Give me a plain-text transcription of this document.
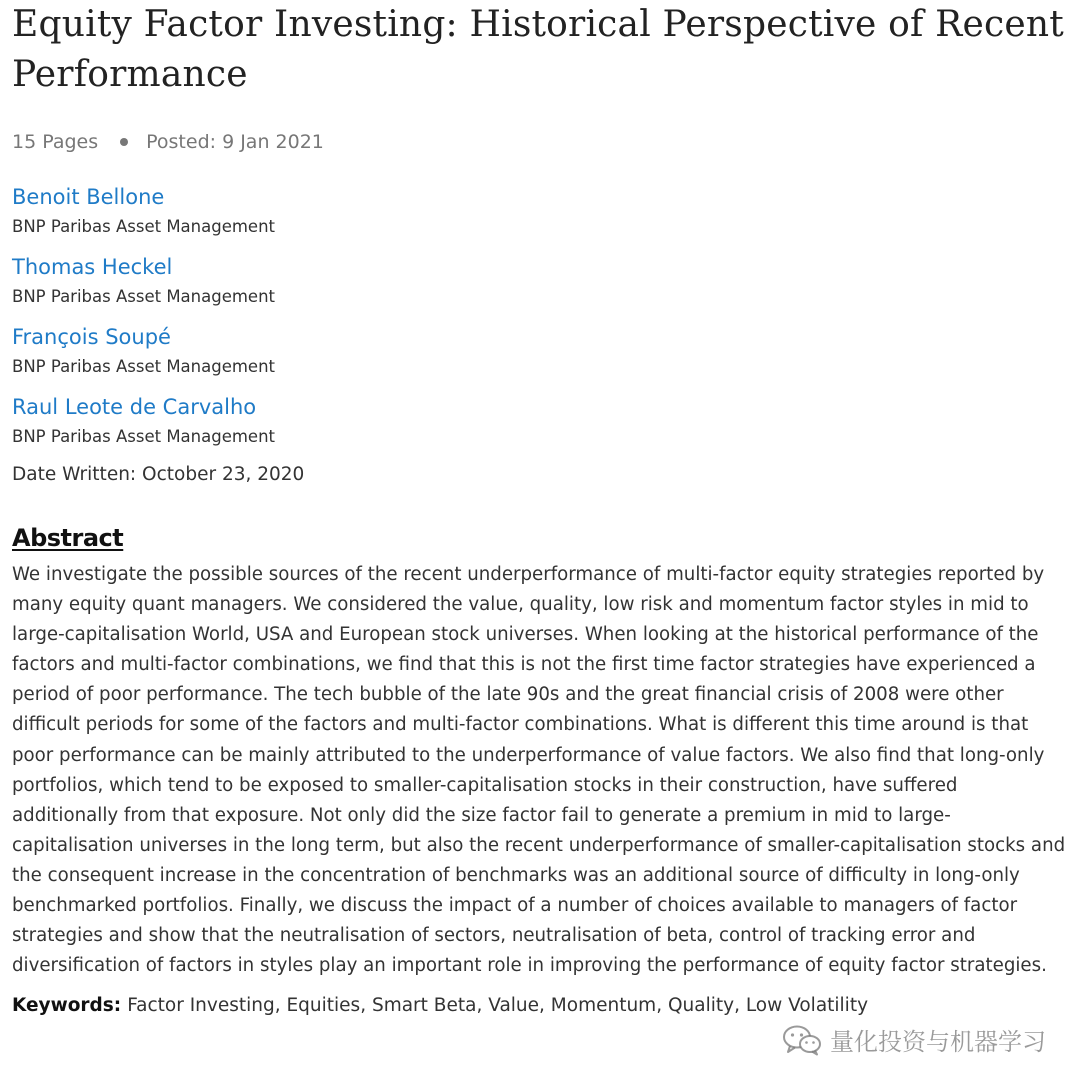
Equity Factor Investing: Historical Perspective of Recent Performance
15 Pages	Posted: 9 Jan 2021
Benoit Bellone
BNP Paribas Asset Management
Thomas Heckel
BNP Paribas Asset Management
François Soupé
BNP Paribas Asset Management
Raul Leote de Carvalho
BNP Paribas Asset Management
Date Written: October 23, 2020
Abstract
We investigate the possible sources of the recent underperformance of multi-factor equity strategies reported by many equity quant managers. We considered the value, quality, low risk and momentum factor styles in mid to large-capitalisation World, USA and European stock universes. When looking at the historical performance of the factors and multi-factor combinations, we find that this is not the first time factor strategies have experienced a period of poor performance. The tech bubble of the late 90s and the great financial crisis of 2008 were other difficult periods for some of the factors and multi-factor combinations. What is different this time around is that poor performance can be mainly attributed to the underperformance of value factors. We also find that long-only portfolios, which tend to be exposed to smaller-capitalisation stocks in their construction, have suffered additionally from that exposure. Not only did the size factor fail to generate a premium in mid to large-capitalisation universes in the long term, but also the recent underperformance of smaller-capitalisation stocks and the consequent increase in the concentration of benchmarks was an additional source of difficulty in long-only benchmarked portfolios. Finally, we discuss the impact of a number of choices available to managers of factor strategies and show that the neutralisation of sectors, neutralisation of beta, control of tracking error and diversification of factors in styles play an important role in improving the performance of equity factor strategies.
Keywords: Factor Investing, Equities, Smart Beta, Value, Momentum, Quality, Low Volatility
量化投资与机器学习
